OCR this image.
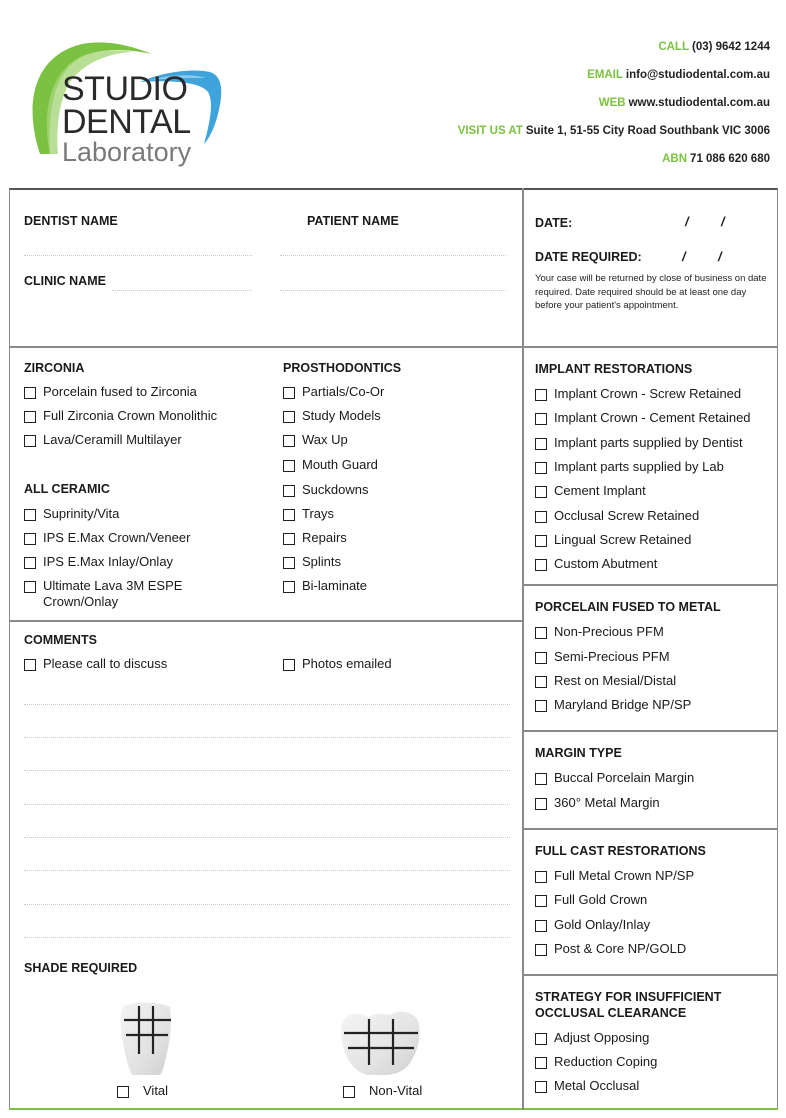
STUDIO
DENTAL
Laboratory
CALL (03) 9642 1244
EMAIL info@studiodental.com.au
WEB www.studiodental.com.au
VISIT US AT Suite 1, 51-55 City Road Southbank VIC 3006
ABN 71 086 620 680
DENTIST NAME	PATIENT NAME
CLINIC NAME
DATE:	/ /
DATE REQUIRED:	/ /
Your case will be returned by close of business on date required. Date required should be at least one day before your patient's appointment.
ZIRCONIA
Porcelain fused to Zirconia
Full Zirconia Crown Monolithic
Lava/Ceramill Multilayer
ALL CERAMIC
Suprinity/Vita
IPS E.Max Crown/Veneer
IPS E.Max Inlay/Onlay
Ultimate Lava 3M ESPE
Crown/Onlay
PROSTHODONTICS
Partials/Co-Or
Study Models
Wax Up
Mouth Guard
Suckdowns
Trays
Repairs
Splints
Bi-laminate
IMPLANT RESTORATIONS
Implant Crown - Screw Retained
Implant Crown - Cement Retained
Implant parts supplied by Dentist
Implant parts supplied by Lab
Cement Implant
Occlusal Screw Retained
Lingual Screw Retained
Custom Abutment
PORCELAIN FUSED TO METAL
Non-Precious PFM
Semi-Precious PFM
Rest on Mesial/Distal
Maryland Bridge NP/SP
MARGIN TYPE
Buccal Porcelain Margin
360° Metal Margin
FULL CAST RESTORATIONS
Full Metal Crown NP/SP
Full Gold Crown
Gold Onlay/Inlay
Post & Core NP/GOLD
STRATEGY FOR INSUFFICIENT
OCCLUSAL CLEARANCE
Adjust Opposing
Reduction Coping
Metal Occlusal
COMMENTS
Please call to discuss	Photos emailed
SHADE REQUIRED
Vital	Non-Vital
